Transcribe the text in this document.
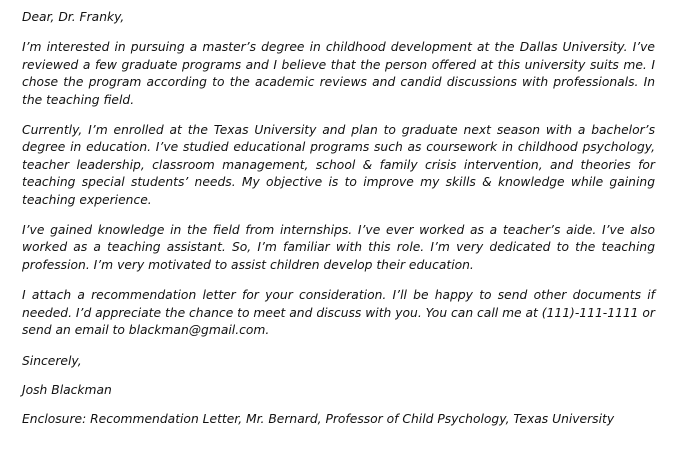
Dear, Dr. Franky,

I’m interested in pursuing a master’s degree in childhood development at the Dallas University. I’ve reviewed a few graduate programs and I believe that the person offered at this university suits me. I chose the program according to the academic reviews and candid discussions with professionals. In the teaching field.

Currently, I’m enrolled at the Texas University and plan to graduate next season with a bachelor’s degree in education. I’ve studied educational programs such as coursework in childhood psychology, teacher leadership, classroom management, school & family crisis intervention, and theories for teaching special students’ needs. My objective is to improve my skills & knowledge while gaining teaching experience.

I’ve gained knowledge in the field from internships. I’ve ever worked as a teacher’s aide. I’ve also worked as a teaching assistant. So, I’m familiar with this role. I’m very dedicated to the teaching profession. I’m very motivated to assist children develop their education.

I attach a recommendation letter for your consideration. I’ll be happy to send other documents if needed. I’d appreciate the chance to meet and discuss with you. You can call me at (111)-111-1111 or send an email to blackman@gmail.com.

Sincerely,

Josh Blackman

Enclosure: Recommendation Letter, Mr. Bernard, Professor of Child Psychology, Texas University
